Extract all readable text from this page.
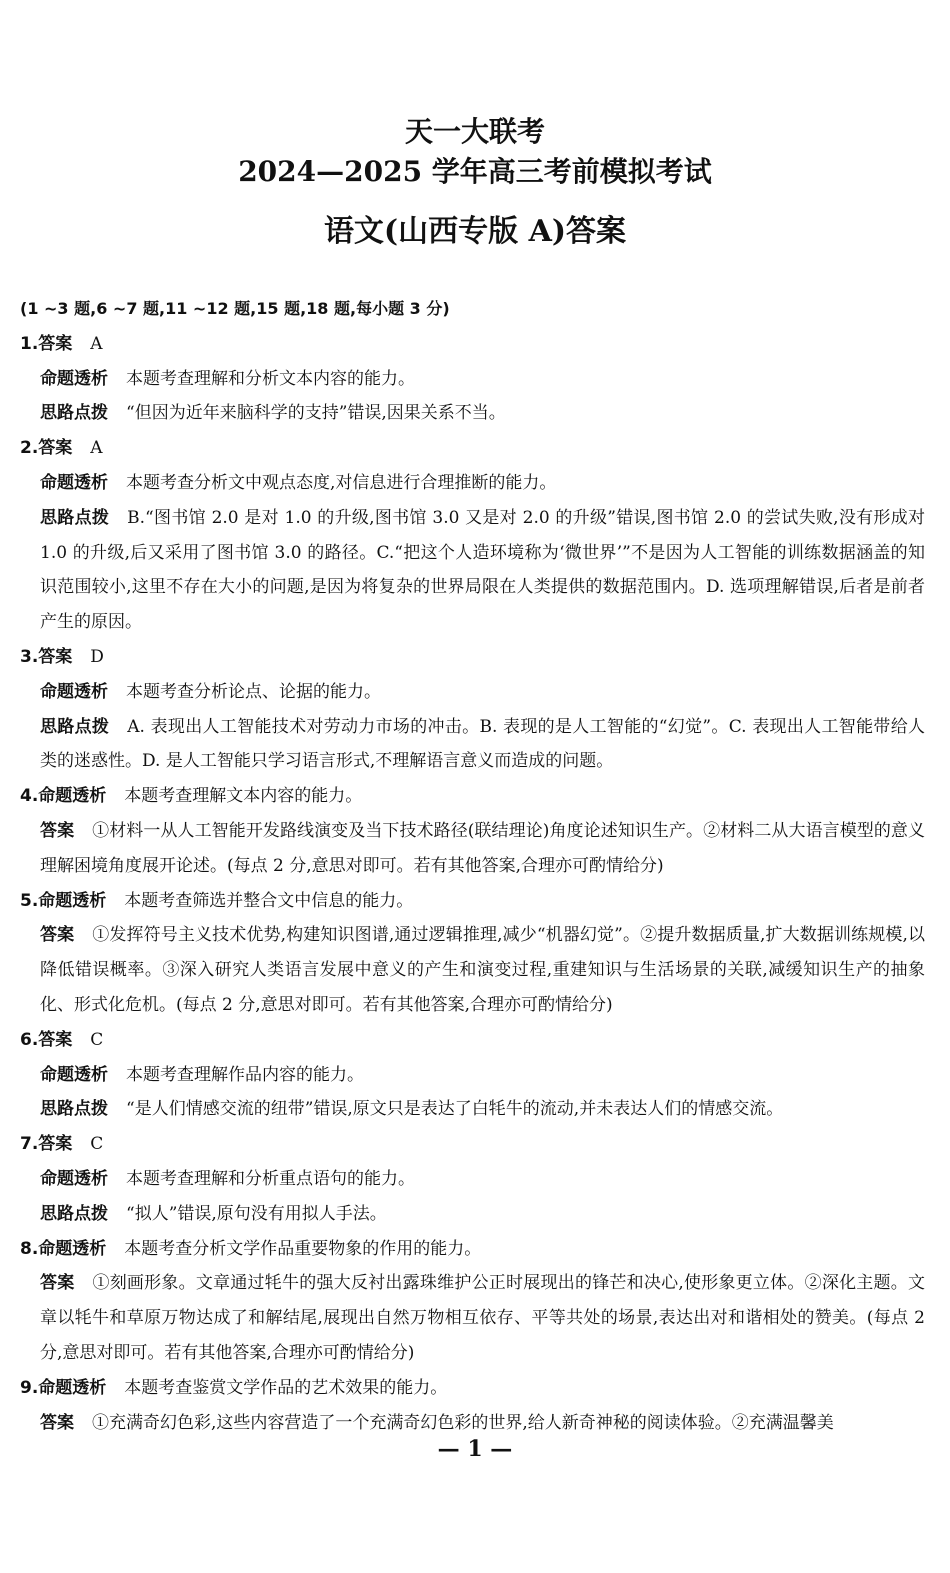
天一大联考

2024—2025 学年高三考前模拟考试

语文(山西专版 A)答案

(1 ~3 题,6 ~7 题,11 ~12 题,15 题,18 题,每小题 3 分)

1.答案 A

命题透析 本题考查理解和分析文本内容的能力。

思路点拨 “但因为近年来脑科学的支持”错误,因果关系不当。

2.答案 A

命题透析 本题考查分析文中观点态度,对信息进行合理推断的能力。

思路点拨 B.“图书馆 2.0 是对 1.0 的升级,图书馆 3.0 又是对 2.0 的升级”错误,图书馆 2.0 的尝试失败,没有形成对 1.0 的升级,后又采用了图书馆 3.0 的路径。C.“把这个人造环境称为‘微世界’”不是因为人工智能的训练数据涵盖的知识范围较小,这里不存在大小的问题,是因为将复杂的世界局限在人类提供的数据范围内。D. 选项理解错误,后者是前者产生的原因。

3.答案 D

命题透析 本题考查分析论点、论据的能力。

思路点拨 A. 表现出人工智能技术对劳动力市场的冲击。B. 表现的是人工智能的“幻觉”。C. 表现出人工智能带给人类的迷惑性。D. 是人工智能只学习语言形式,不理解语言意义而造成的问题。

4.命题透析 本题考查理解文本内容的能力。

答案 ①材料一从人工智能开发路线演变及当下技术路径(联结理论)角度论述知识生产。②材料二从大语言模型的意义理解困境角度展开论述。(每点 2 分,意思对即可。若有其他答案,合理亦可酌情给分)

5.命题透析 本题考查筛选并整合文中信息的能力。

答案 ①发挥符号主义技术优势,构建知识图谱,通过逻辑推理,减少“机器幻觉”。②提升数据质量,扩大数据训练规模,以降低错误概率。③深入研究人类语言发展中意义的产生和演变过程,重建知识与生活场景的关联,减缓知识生产的抽象化、形式化危机。(每点 2 分,意思对即可。若有其他答案,合理亦可酌情给分)

6.答案 C

命题透析 本题考查理解作品内容的能力。

思路点拨 “是人们情感交流的纽带”错误,原文只是表达了白牦牛的流动,并未表达人们的情感交流。

7.答案 C

命题透析 本题考查理解和分析重点语句的能力。

思路点拨 “拟人”错误,原句没有用拟人手法。

8.命题透析 本题考查分析文学作品重要物象的作用的能力。

答案 ①刻画形象。文章通过牦牛的强大反衬出露珠维护公正时展现出的锋芒和决心,使形象更立体。②深化主题。文章以牦牛和草原万物达成了和解结尾,展现出自然万物相互依存、平等共处的场景,表达出对和谐相处的赞美。(每点 2 分,意思对即可。若有其他答案,合理亦可酌情给分)

9.命题透析 本题考查鉴赏文学作品的艺术效果的能力。

答案 ①充满奇幻色彩,这些内容营造了一个充满奇幻色彩的世界,给人新奇神秘的阅读体验。②充满温馨美

— 1 —
